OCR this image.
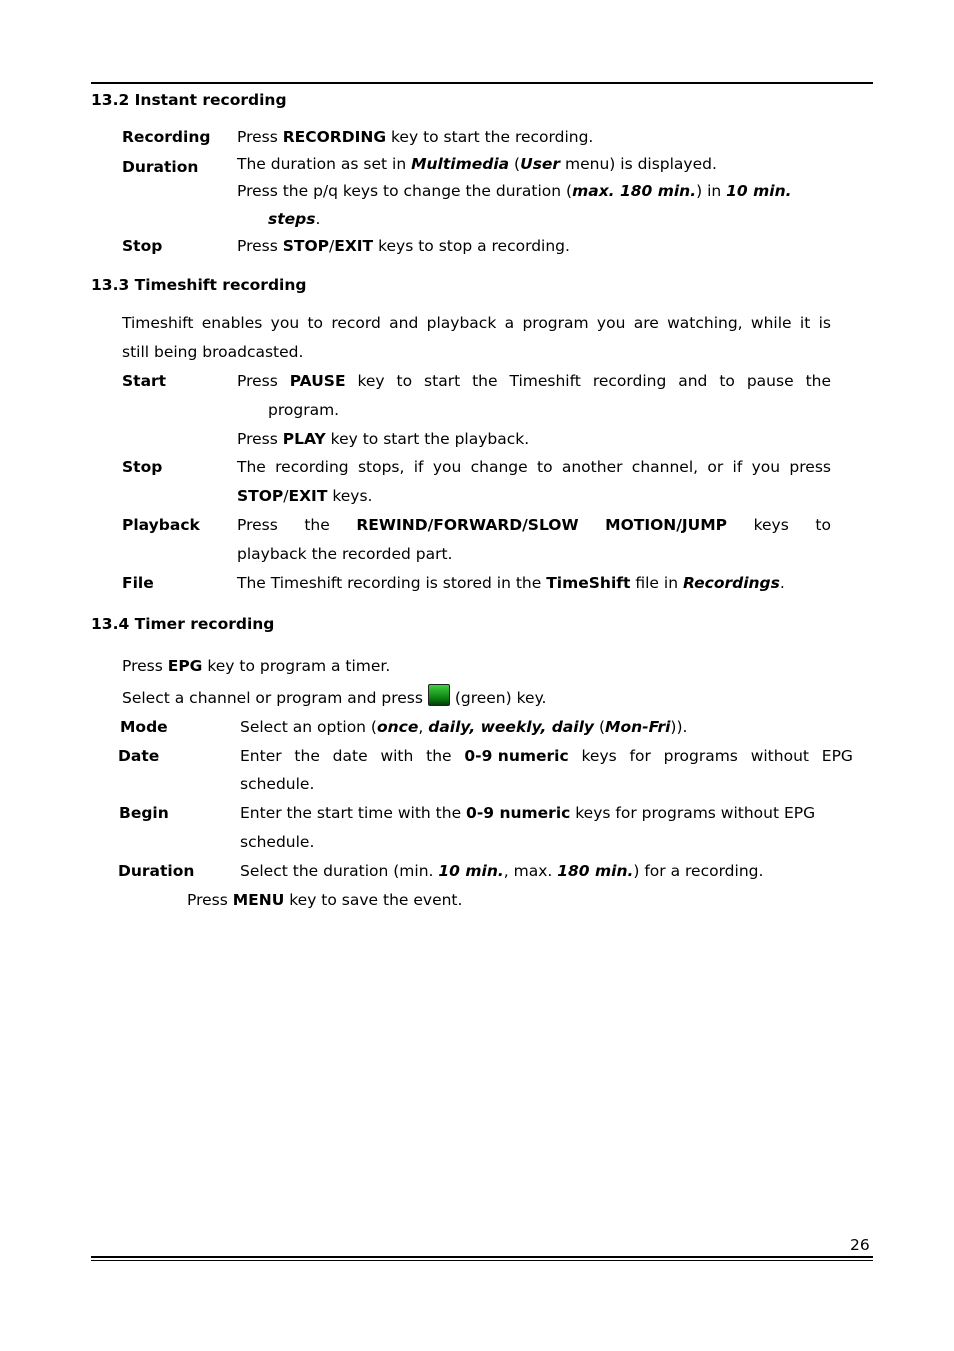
13.2 Instant recording
Recording Press RECORDING key to start the recording.
Duration The duration as set in Multimedia (User menu) is displayed.
Press the p/q keys to change the duration (max. 180 min.) in 10 min.
steps.
Stop	Press STOP/EXIT keys to stop a recording.
13.3 Timeshift recording
Timeshift enables you to record and playback a program you are watching, while it is
still being broadcasted.
Start	Press PAUSE key to start the Timeshift recording and to pause the
program.
Press PLAY key to start the playback.
Stop	The recording stops, if you change to another channel, or if you press
STOP/EXIT keys.
Playback Press the REWIND/FORWARD/SLOW MOTION/JUMP keys to
playback the recorded part.
File	The Timeshift recording is stored in the TimeShift file in Recordings.
13.4 Timer recording
Press EPG key to program a timer.
Select a channel or program and press  (green) key.
Mode	Select an option (once, daily, weekly, daily (Mon-Fri)).
Date	Enter the date with the 0-9 numeric keys for programs without EPG
schedule.
Begin	Enter the start time with the 0-9 numeric keys for programs without EPG
schedule.
Duration	Select the duration (min. 10 min., max. 180 min.) for a recording.
Press MENU key to save the event.
26
